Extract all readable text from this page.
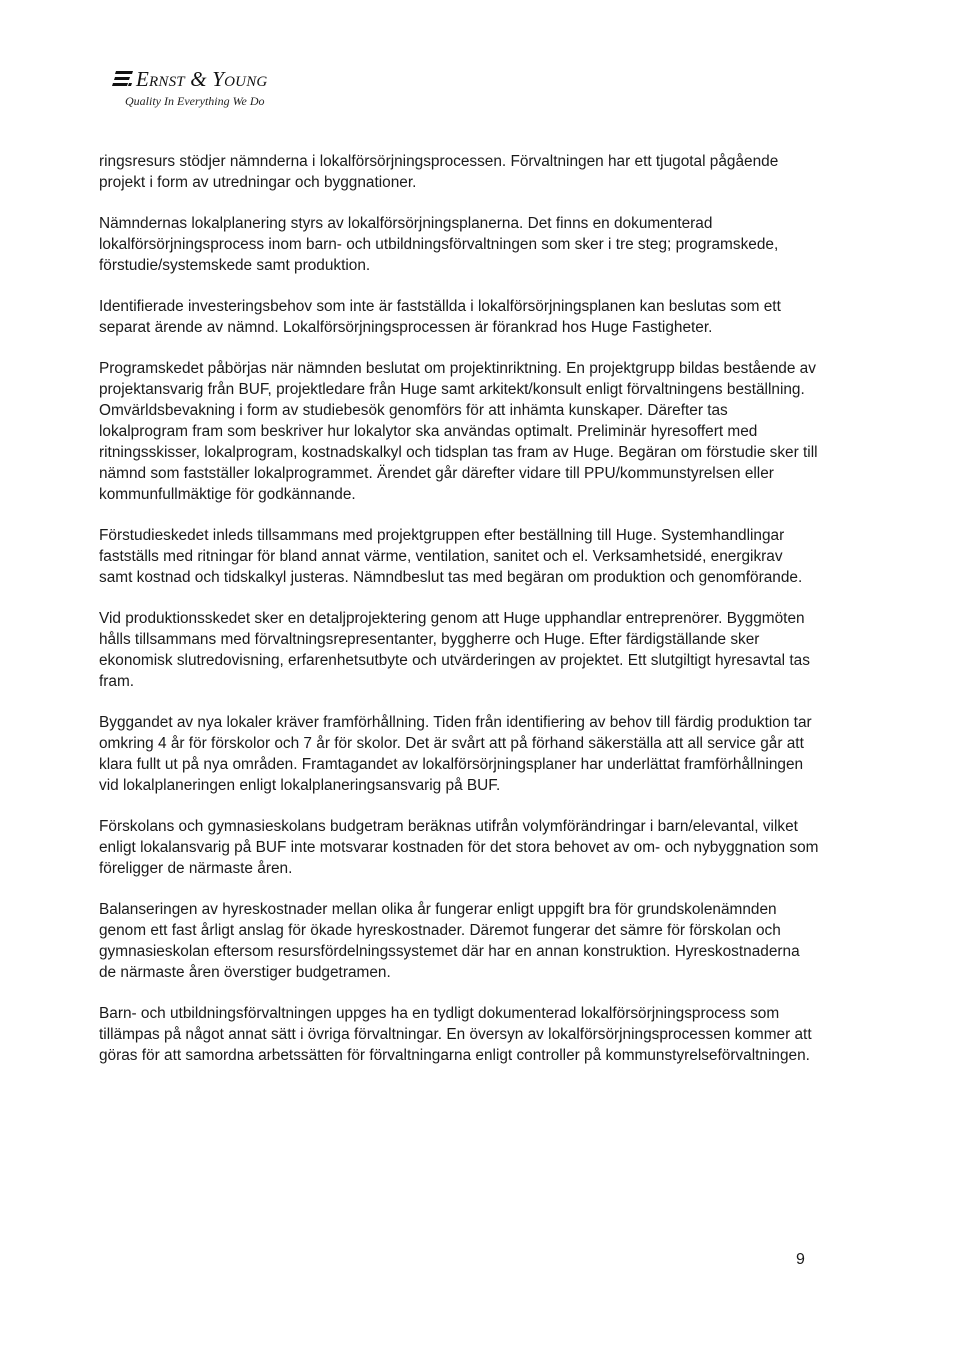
Ernst & Young
Quality In Everything We Do

ringsresurs stödjer nämnderna i lokalförsörjningsprocessen. Förvaltningen har ett tjugotal pågående projekt i form av utredningar och byggnationer.

Nämndernas lokalplanering styrs av lokalförsörjningsplanerna. Det finns en dokumenterad lokalförsörjningsprocess inom barn- och utbildningsförvaltningen som sker i tre steg; programskede, förstudie/systemskede samt produktion.

Identifierade investeringsbehov som inte är fastställda i lokalförsörjningsplanen kan beslutas som ett separat ärende av nämnd. Lokalförsörjningsprocessen är förankrad hos Huge Fastigheter.

Programskedet påbörjas när nämnden beslutat om projektinriktning. En projektgrupp bildas bestående av projektansvarig från BUF, projektledare från Huge samt arkitekt/konsult enligt förvaltningens beställning. Omvärldsbevakning i form av studiebesök genomförs för att inhämta kunskaper. Därefter tas lokalprogram fram som beskriver hur lokalytor ska användas optimalt. Preliminär hyresoffert med ritningsskisser, lokalprogram, kostnadskalkyl och tidsplan tas fram av Huge. Begäran om förstudie sker till nämnd som fastställer lokalprogrammet. Ärendet går därefter vidare till PPU/kommunstyrelsen eller kommunfullmäktige för godkännande.

Förstudieskedet inleds tillsammans med projektgruppen efter beställning till Huge. Systemhandlingar fastställs med ritningar för bland annat värme, ventilation, sanitet och el. Verksamhetsidé, energikrav samt kostnad och tidskalkyl justeras. Nämndbeslut tas med begäran om produktion och genomförande.

Vid produktionsskedet sker en detaljprojektering genom att Huge upphandlar entreprenörer. Byggmöten hålls tillsammans med förvaltningsrepresentanter, byggherre och Huge. Efter färdigställande sker ekonomisk slutredovisning, erfarenhetsutbyte och utvärderingen av projektet. Ett slutgiltigt hyresavtal tas fram.

Byggandet av nya lokaler kräver framförhållning. Tiden från identifiering av behov till färdig produktion tar omkring 4 år för förskolor och 7 år för skolor. Det är svårt att på förhand säkerställa att all service går att klara fullt ut på nya områden. Framtagandet av lokalförsörjningsplaner har underlättat framförhållningen vid lokalplaneringen enligt lokalplaneringsansvarig på BUF.

Förskolans och gymnasieskolans budgetram beräknas utifrån volymförändringar i barn/elevantal, vilket enligt lokalansvarig på BUF inte motsvarar kostnaden för det stora behovet av om- och nybyggnation som föreligger de närmaste åren.

Balanseringen av hyreskostnader mellan olika år fungerar enligt uppgift bra för grundskolenämnden genom ett fast årligt anslag för ökade hyreskostnader. Däremot fungerar det sämre för förskolan och gymnasieskolan eftersom resursfördelningssystemet där har en annan konstruktion. Hyreskostnaderna de närmaste åren överstiger budgetramen.

Barn- och utbildningsförvaltningen uppges ha en tydligt dokumenterad lokalförsörjningsprocess som tillämpas på något annat sätt i övriga förvaltningar. En översyn av lokalförsörjningsprocessen kommer att göras för att samordna arbetssätten för förvaltningarna enligt controller på kommunstyrelseförvaltningen.

9
